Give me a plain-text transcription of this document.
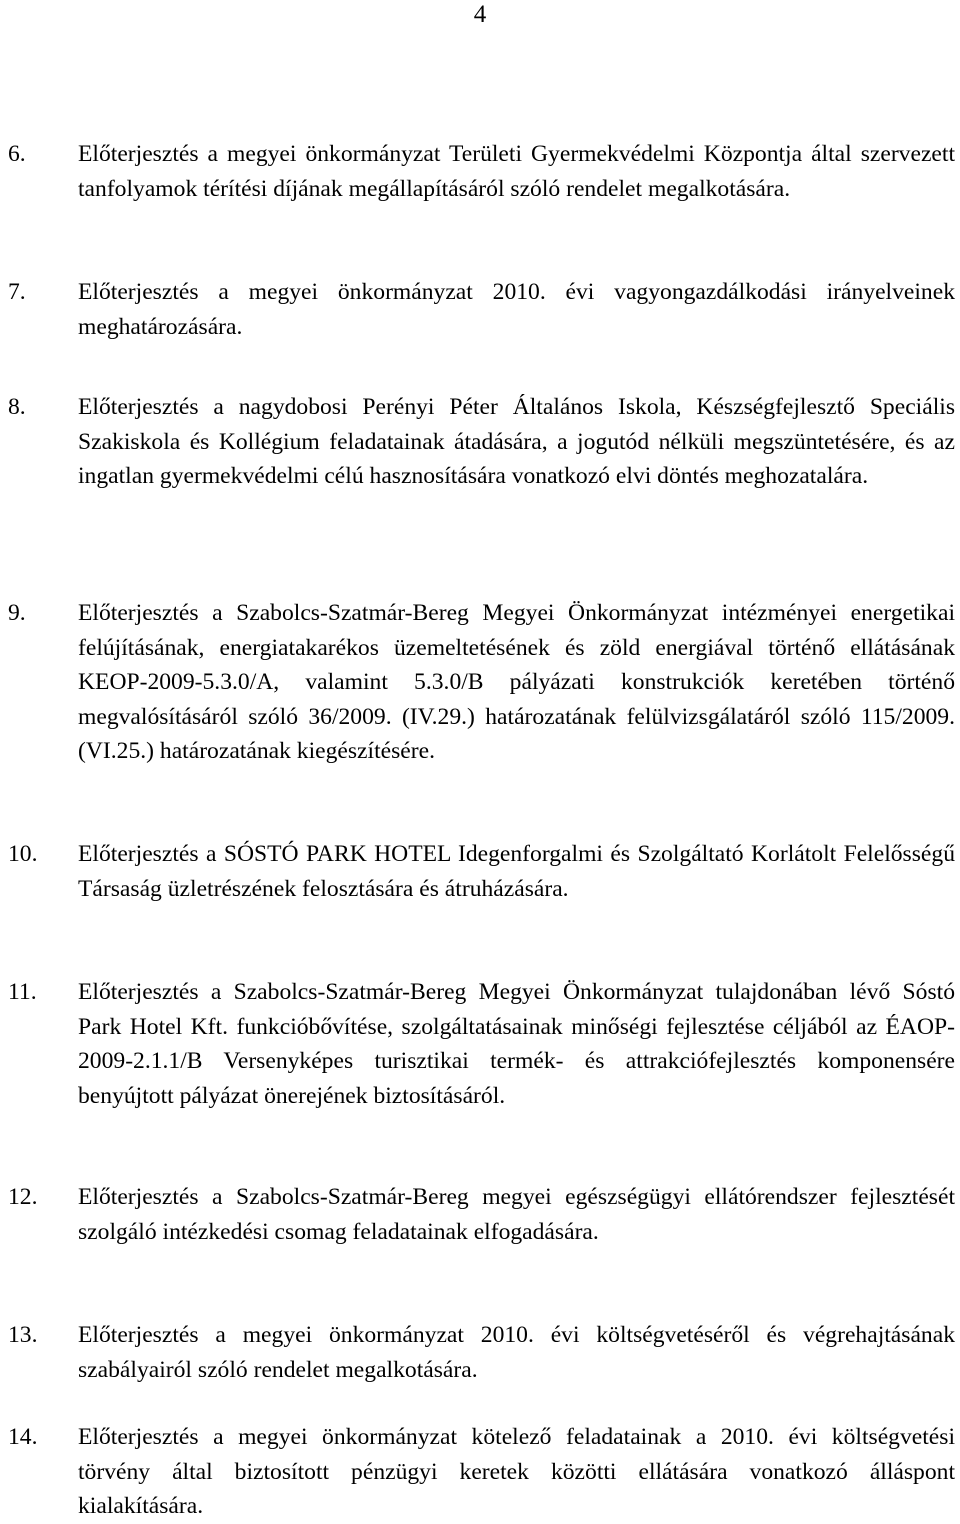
4
6. Előterjesztés a megyei önkormányzat Területi Gyermekvédelmi Központja által szervezett tanfolyamok térítési díjának megállapításáról szóló rendelet megalkotására.
7. Előterjesztés a megyei önkormányzat 2010. évi vagyongazdálkodási irányelveinek meghatározására.
8. Előterjesztés a nagydobosi Perényi Péter Általános Iskola, Készségfejlesztő Speciális Szakiskola és Kollégium feladatainak átadására, a jogutód nélküli megszüntetésére, és az ingatlan gyermekvédelmi célú hasznosítására vonatkozó elvi döntés meghozatalára.
9. Előterjesztés a Szabolcs-Szatmár-Bereg Megyei Önkormányzat intézményei energetikai felújításának, energiatakarékos üzemeltetésének és zöld energiával történő ellátásának KEOP-2009-5.3.0/A, valamint 5.3.0/B pályázati konstrukciók keretében történő megvalósításáról szóló 36/2009. (IV.29.) határozatának felülvizsgálatáról szóló 115/2009. (VI.25.) határozatának kiegészítésére.
10. Előterjesztés a SÓSTÓ PARK HOTEL Idegenforgalmi és Szolgáltató Korlátolt Felelősségű Társaság üzletrészének felosztására és átruházására.
11. Előterjesztés a Szabolcs-Szatmár-Bereg Megyei Önkormányzat tulajdonában lévő Sóstó Park Hotel Kft. funkcióbővítése, szolgáltatásainak minőségi fejlesztése céljából az ÉAOP-2009-2.1.1/B Versenyképes turisztikai termék- és attrakciófejlesztés komponensére benyújtott pályázat önerejének biztosításáról.
12. Előterjesztés a Szabolcs-Szatmár-Bereg megyei egészségügyi ellátórendszer fejlesztését szolgáló intézkedési csomag feladatainak elfogadására.
13. Előterjesztés a megyei önkormányzat 2010. évi költségvetéséről és végrehajtásának szabályairól szóló rendelet megalkotására.
14. Előterjesztés a megyei önkormányzat kötelező feladatainak a 2010. évi költségvetési törvény által biztosított pénzügyi keretek közötti ellátására vonatkozó álláspont kialakítására.
